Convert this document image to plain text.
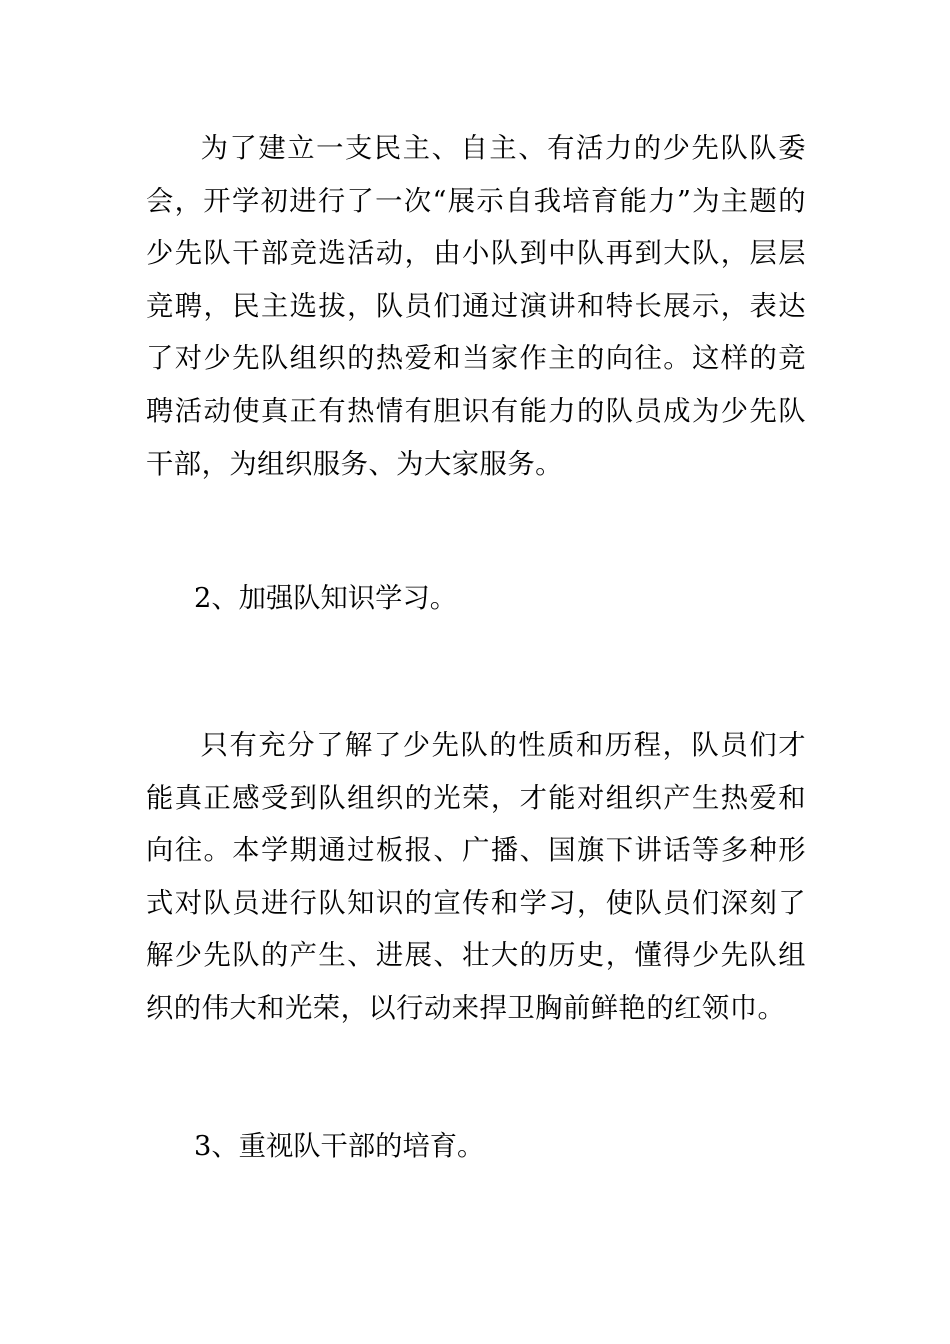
为了建立一支民主、自主、有活力的少先队队委会，开学初进行了一次“展示自我培育能力”为主题的少先队干部竞选活动，由小队到中队再到大队，层层竞聘，民主选拔，队员们通过演讲和特长展示，表达了对少先队组织的热爱和当家作主的向往。这样的竞聘活动使真正有热情有胆识有能力的队员成为少先队干部，为组织服务、为大家服务。

2、加强队知识学习。

只有充分了解了少先队的性质和历程，队员们才能真正感受到队组织的光荣，才能对组织产生热爱和向往。本学期通过板报、广播、国旗下讲话等多种形式对队员进行队知识的宣传和学习，使队员们深刻了解少先队的产生、进展、壮大的历史，懂得少先队组织的伟大和光荣，以行动来捍卫胸前鲜艳的红领巾。

3、重视队干部的培育。
